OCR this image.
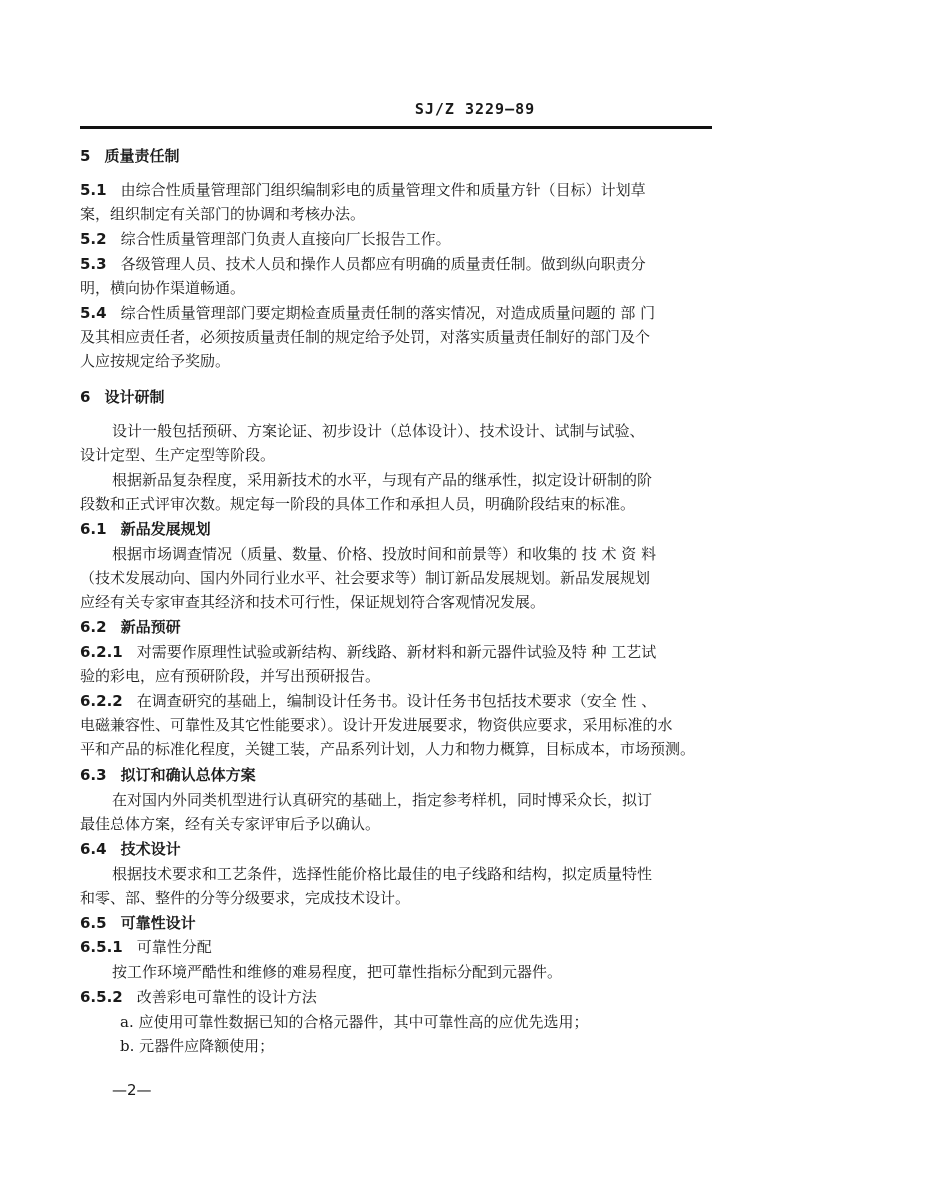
SJ/Z 3229—89
5 质量责任制
5.1 由综合性质量管理部门组织编制彩电的质量管理文件和质量方针（目标）计划草
案，组织制定有关部门的协调和考核办法。
5.2 综合性质量管理部门负责人直接向厂长报告工作。
5.3 各级管理人员、技术人员和操作人员都应有明确的质量责任制。做到纵向职责分
明，横向协作渠道畅通。
5.4 综合性质量管理部门要定期检查质量责任制的落实情况，对造成质量问题的 部 门
及其相应责任者，必须按质量责任制的规定给予处罚，对落实质量责任制好的部门及个
人应按规定给予奖励。
6 设计研制
设计一般包括预研、方案论证、初步设计（总体设计）、技术设计、试制与试验、
设计定型、生产定型等阶段。
根据新品复杂程度，采用新技术的水平，与现有产品的继承性，拟定设计研制的阶
段数和正式评审次数。规定每一阶段的具体工作和承担人员，明确阶段结束的标准。
6.1 新品发展规划
根据市场调查情况（质量、数量、价格、投放时间和前景等）和收集的 技 术 资 料
（技术发展动向、国内外同行业水平、社会要求等）制订新品发展规划。新品发展规划
应经有关专家审查其经济和技术可行性，保证规划符合客观情况发展。
6.2 新品预研
6.2.1 对需要作原理性试验或新结构、新线路、新材料和新元器件试验及特 种 工艺试
验的彩电，应有预研阶段，并写出预研报告。
6.2.2 在调查研究的基础上，编制设计任务书。设计任务书包括技术要求（安全 性 、
电磁兼容性、可靠性及其它性能要求）。设计开发进展要求，物资供应要求，采用标准的水
平和产品的标准化程度，关键工装，产品系列计划，人力和物力概算，目标成本，市场预测。
6.3 拟订和确认总体方案
在对国内外同类机型进行认真研究的基础上，指定参考样机，同时博采众长，拟订
最佳总体方案，经有关专家评审后予以确认。
6.4 技术设计
根据技术要求和工艺条件，选择性能价格比最佳的电子线路和结构，拟定质量特性
和零、部、整件的分等分级要求，完成技术设计。
6.5 可靠性设计
6.5.1 可靠性分配
按工作环境严酷性和维修的难易程度，把可靠性指标分配到元器件。
6.5.2 改善彩电可靠性的设计方法
a. 应使用可靠性数据已知的合格元器件，其中可靠性高的应优先选用；
b. 元器件应降额使用；
—2—
